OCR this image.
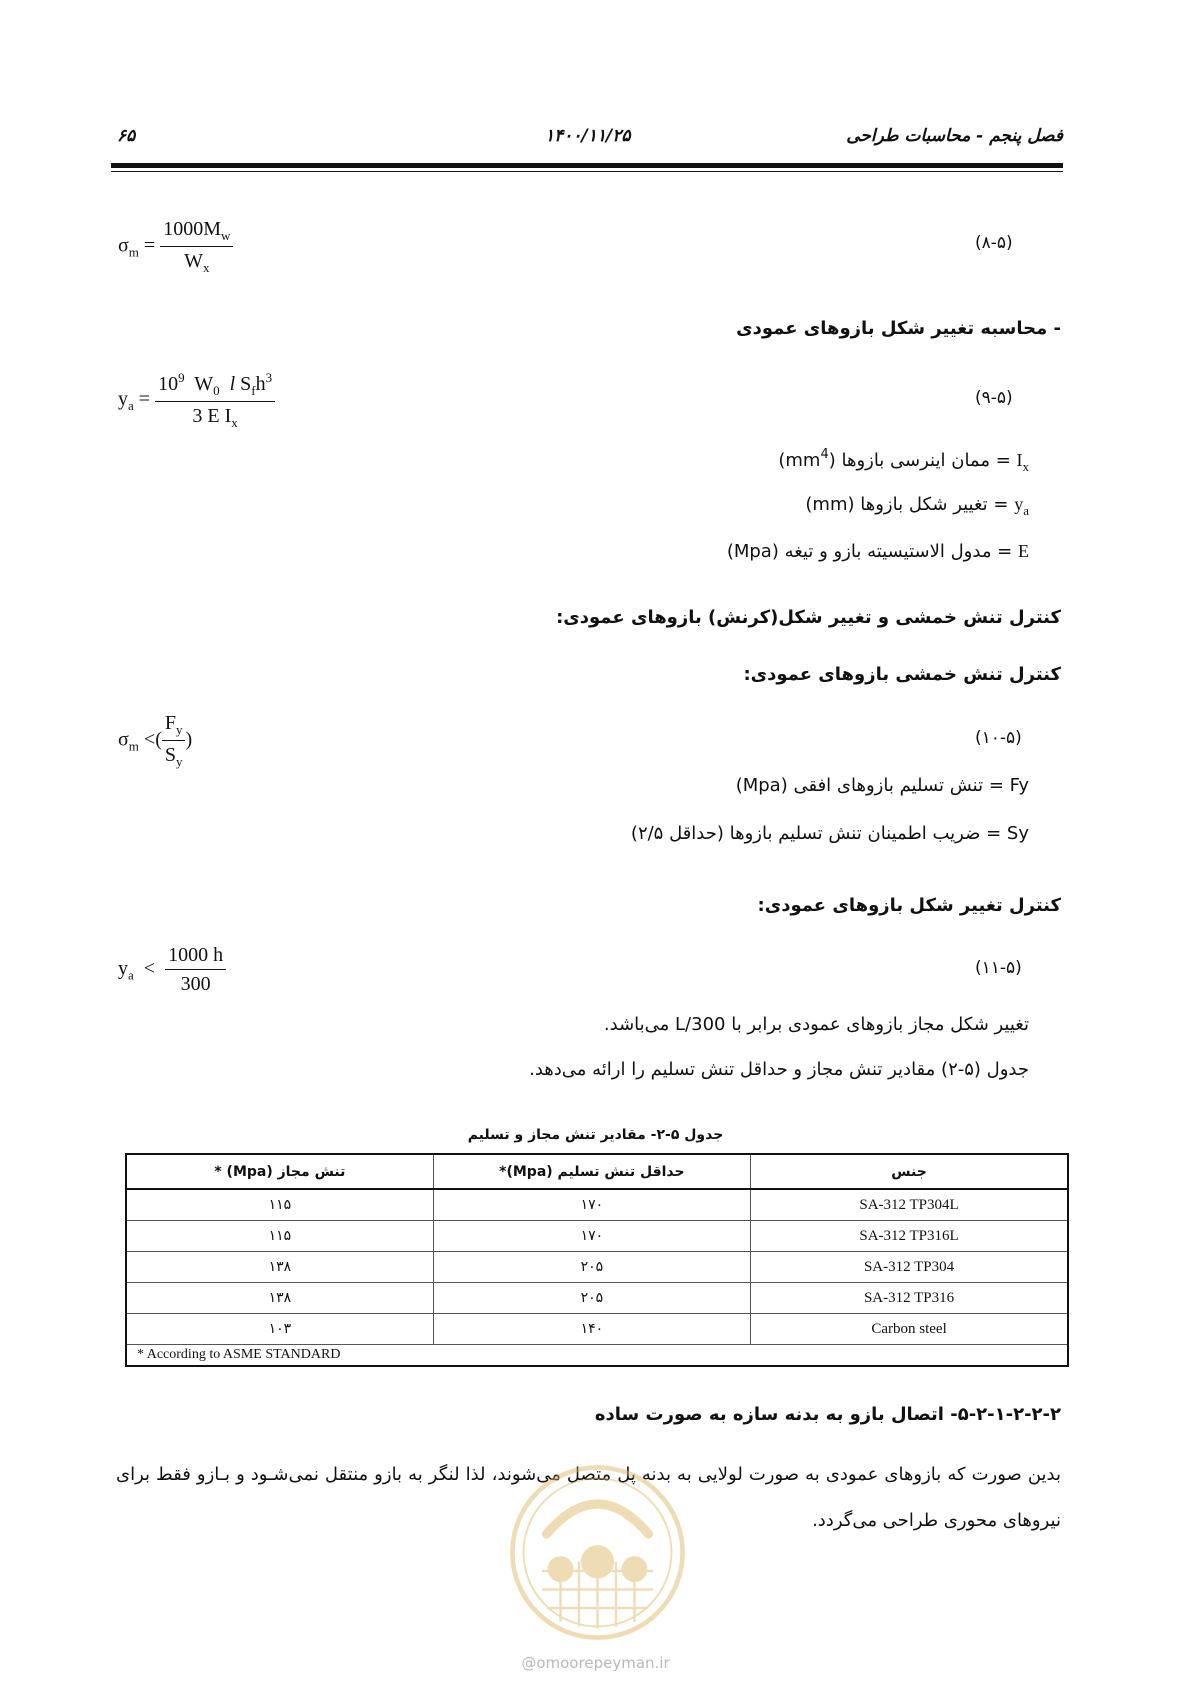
فصل پنجم - محاسبات طراحی
۱۴۰۰/۱۱/۲۵
۶۵
$\sigma_m = \frac{1000M_w}{W_x}$	(۸-۵)
- محاسبه تغییر شکل بازوهای عمودی
$y_a = \frac{10^9 W_0 l S_fh^3}{3 E I_x}$	(۹-۵)
$I_x$ = ممان اینرسی بازوها $(mm^4)$
$y_a$ = تغییر شکل بازوها (mm)
E = مدول الاستیسیته بازو و تیغه (Mpa)
کنترل تنش خمشی و تغییر شکل(کرنش) بازوهای عمودی:
کنترل تنش خمشی بازوهای عمودی:
$\sigma_m$ <( $\frac{F_y}{S_y}$ )	(۱۰-۵)
Fy = تنش تسلیم بازوهای افقی (Mpa)
Sy = ضریب اطمینان تنش تسلیم بازوها (حداقل ۲/۵)
کنترل تغییر شکل بازوهای عمودی:
$y_a < \frac{1000 h}{300}$	(۱۱-۵)
تغییر شکل مجاز بازوهای عمودی برابر با L/300 می‌باشد.
جدول (۵-۲) مقادیر تنش مجاز و حداقل تنش تسلیم را ارائه می‌دهد.
جدول ۵-۲- مقادیر تنش مجاز و تسلیم
جنس	حداقل تنش تسلیم (Mpa)*	تنش مجاز (Mpa) *
SA-312 TP304L	۱۷۰	۱۱۵
SA-312 TP316L	۱۷۰	۱۱۵
SA-312 TP304	۲۰۵	۱۳۸
SA-312 TP316	۲۰۵	۱۳۸
Carbon steel	۱۴۰	۱۰۳
* According to ASME STANDARD		
۵-۲-۱-۲-۲-۲- اتصال بازو به بدنه سازه به صورت ساده
بدین صورت که بازوهای عمودی به صورت لولایی به بدنه پل متصل می‌شوند، لذا لنگر به بازو منتقل نمی‌شـود و بـازو فقط برای نیروهای محوری طراحی می‌گردد.
@omoorepeyman.ir
